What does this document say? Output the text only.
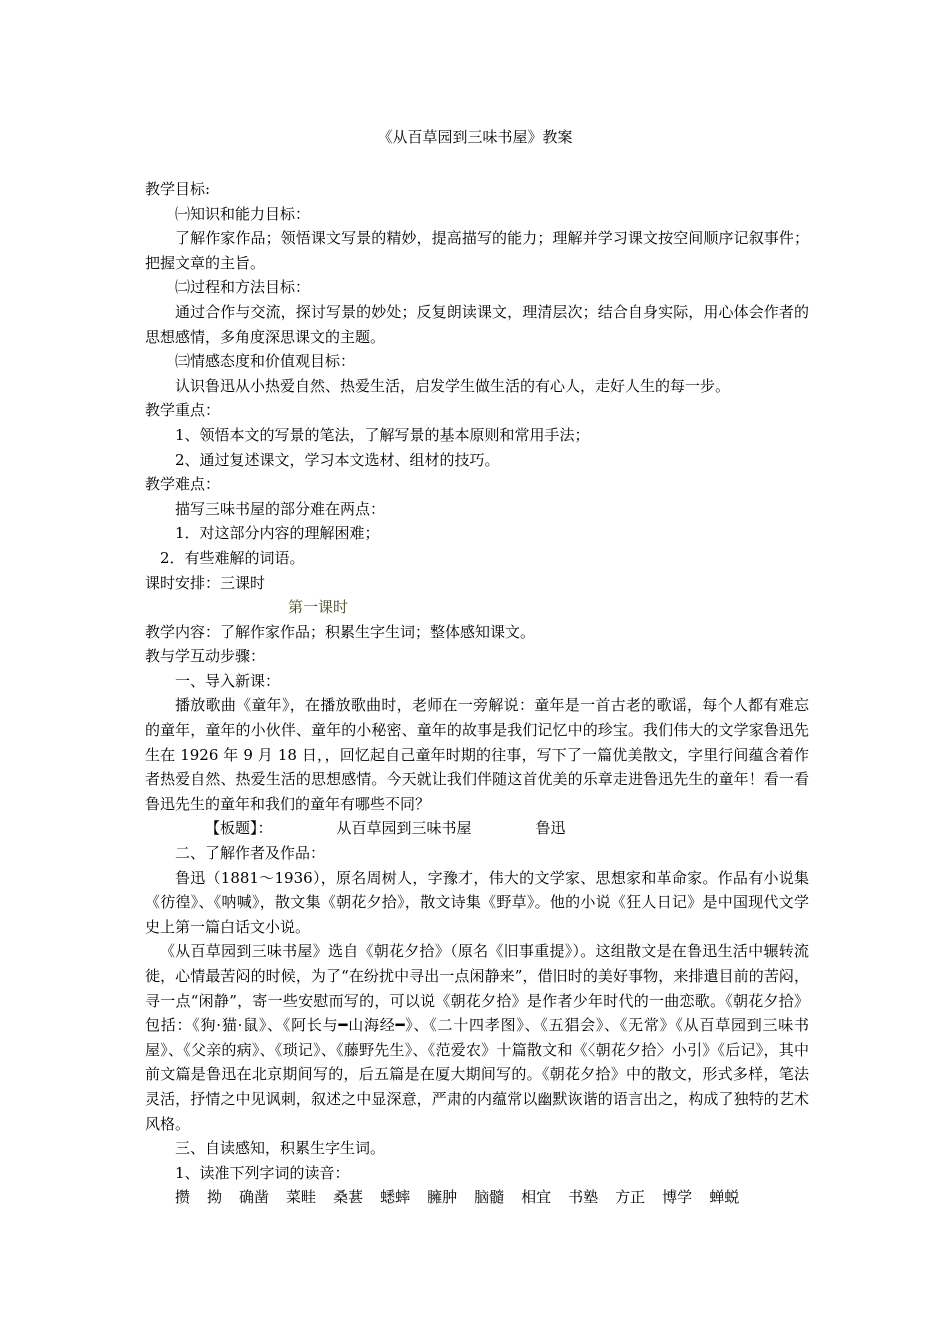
《从百草园到三味书屋》教案

教学目标:

㈠知识和能力目标：

了解作家作品；领悟课文写景的精妙，提高描写的能力；理解并学习课文按空间顺序记叙事件；把握文章的主旨。

㈡过程和方法目标：

通过合作与交流，探讨写景的妙处；反复朗读课文，理清层次；结合自身实际，用心体会作者的思想感情，多角度深思课文的主题。

㈢情感态度和价值观目标：

认识鲁迅从小热爱自然、热爱生活，启发学生做生活的有心人，走好人生的每一步。

教学重点：

1、领悟本文的写景的笔法，了解写景的基本原则和常用手法；

2、通过复述课文，学习本文选材、组材的技巧。

教学难点：

描写三味书屋的部分难在两点：

1．对这部分内容的理解困难；

2．有些难解的词语。

课时安排：三课时

第一课时

教学内容：了解作家作品；积累生字生词；整体感知课文。

教与学互动步骤：

一、导入新课：

播放歌曲《童年》，在播放歌曲时，老师在一旁解说：童年是一首古老的歌谣，每个人都有难忘的童年，童年的小伙伴、童年的小秘密、童年的故事是我们记忆中的珍宝。我们伟大的文学家鲁迅先生在 1926 年 9 月 18 日，，回忆起自己童年时期的往事，写下了一篇优美散文，字里行间蕴含着作者热爱自然、热爱生活的思想感情。今天就让我们伴随这首优美的乐章走进鲁迅先生的童年！看一看鲁迅先生的童年和我们的童年有哪些不同？

【板题】：	从百草园到三味书屋	鲁迅

二、了解作者及作品：

鲁迅（1881～1936），原名周树人，字豫才，伟大的文学家、思想家和革命家。作品有小说集《彷徨》、《呐喊》，散文集《朝花夕拾》，散文诗集《野草》。他的小说《狂人日记》是中国现代文学史上第一篇白话文小说。

《从百草园到三味书屋》选自《朝花夕拾》（原名《旧事重提》）。这组散文是在鲁迅生活中辗转流徙，心情最苦闷的时候，为了“在纷扰中寻出一点闲静来”，借旧时的美好事物，来排遣目前的苦闷，寻一点“闲静”，寄一些安慰而写的，可以说《朝花夕拾》是作者少年时代的一曲恋歌。《朝花夕拾》包括：《狗·猫·鼠》、《阿长与━山海经━》、《二十四孝图》、《五猖会》、《无常》《从百草园到三味书屋》、《父亲的病》、《琐记》、《藤野先生》、《范爱农》十篇散文和《〈朝花夕拾〉小引》《后记》，其中前文篇是鲁迅在北京期间写的，后五篇是在厦大期间写的。《朝花夕拾》中的散文，形式多样，笔法灵活，抒情之中见讽刺，叙述之中显深意，严肃的内蕴常以幽默诙谐的语言出之，构成了独特的艺术风格。

三、自读感知，积累生字生词。

1、读准下列字词的读音：

攒 拗 确凿 菜畦 桑葚 蟋蟀 臃肿 脑髓 相宜 书塾 方正 博学 蝉蜕
